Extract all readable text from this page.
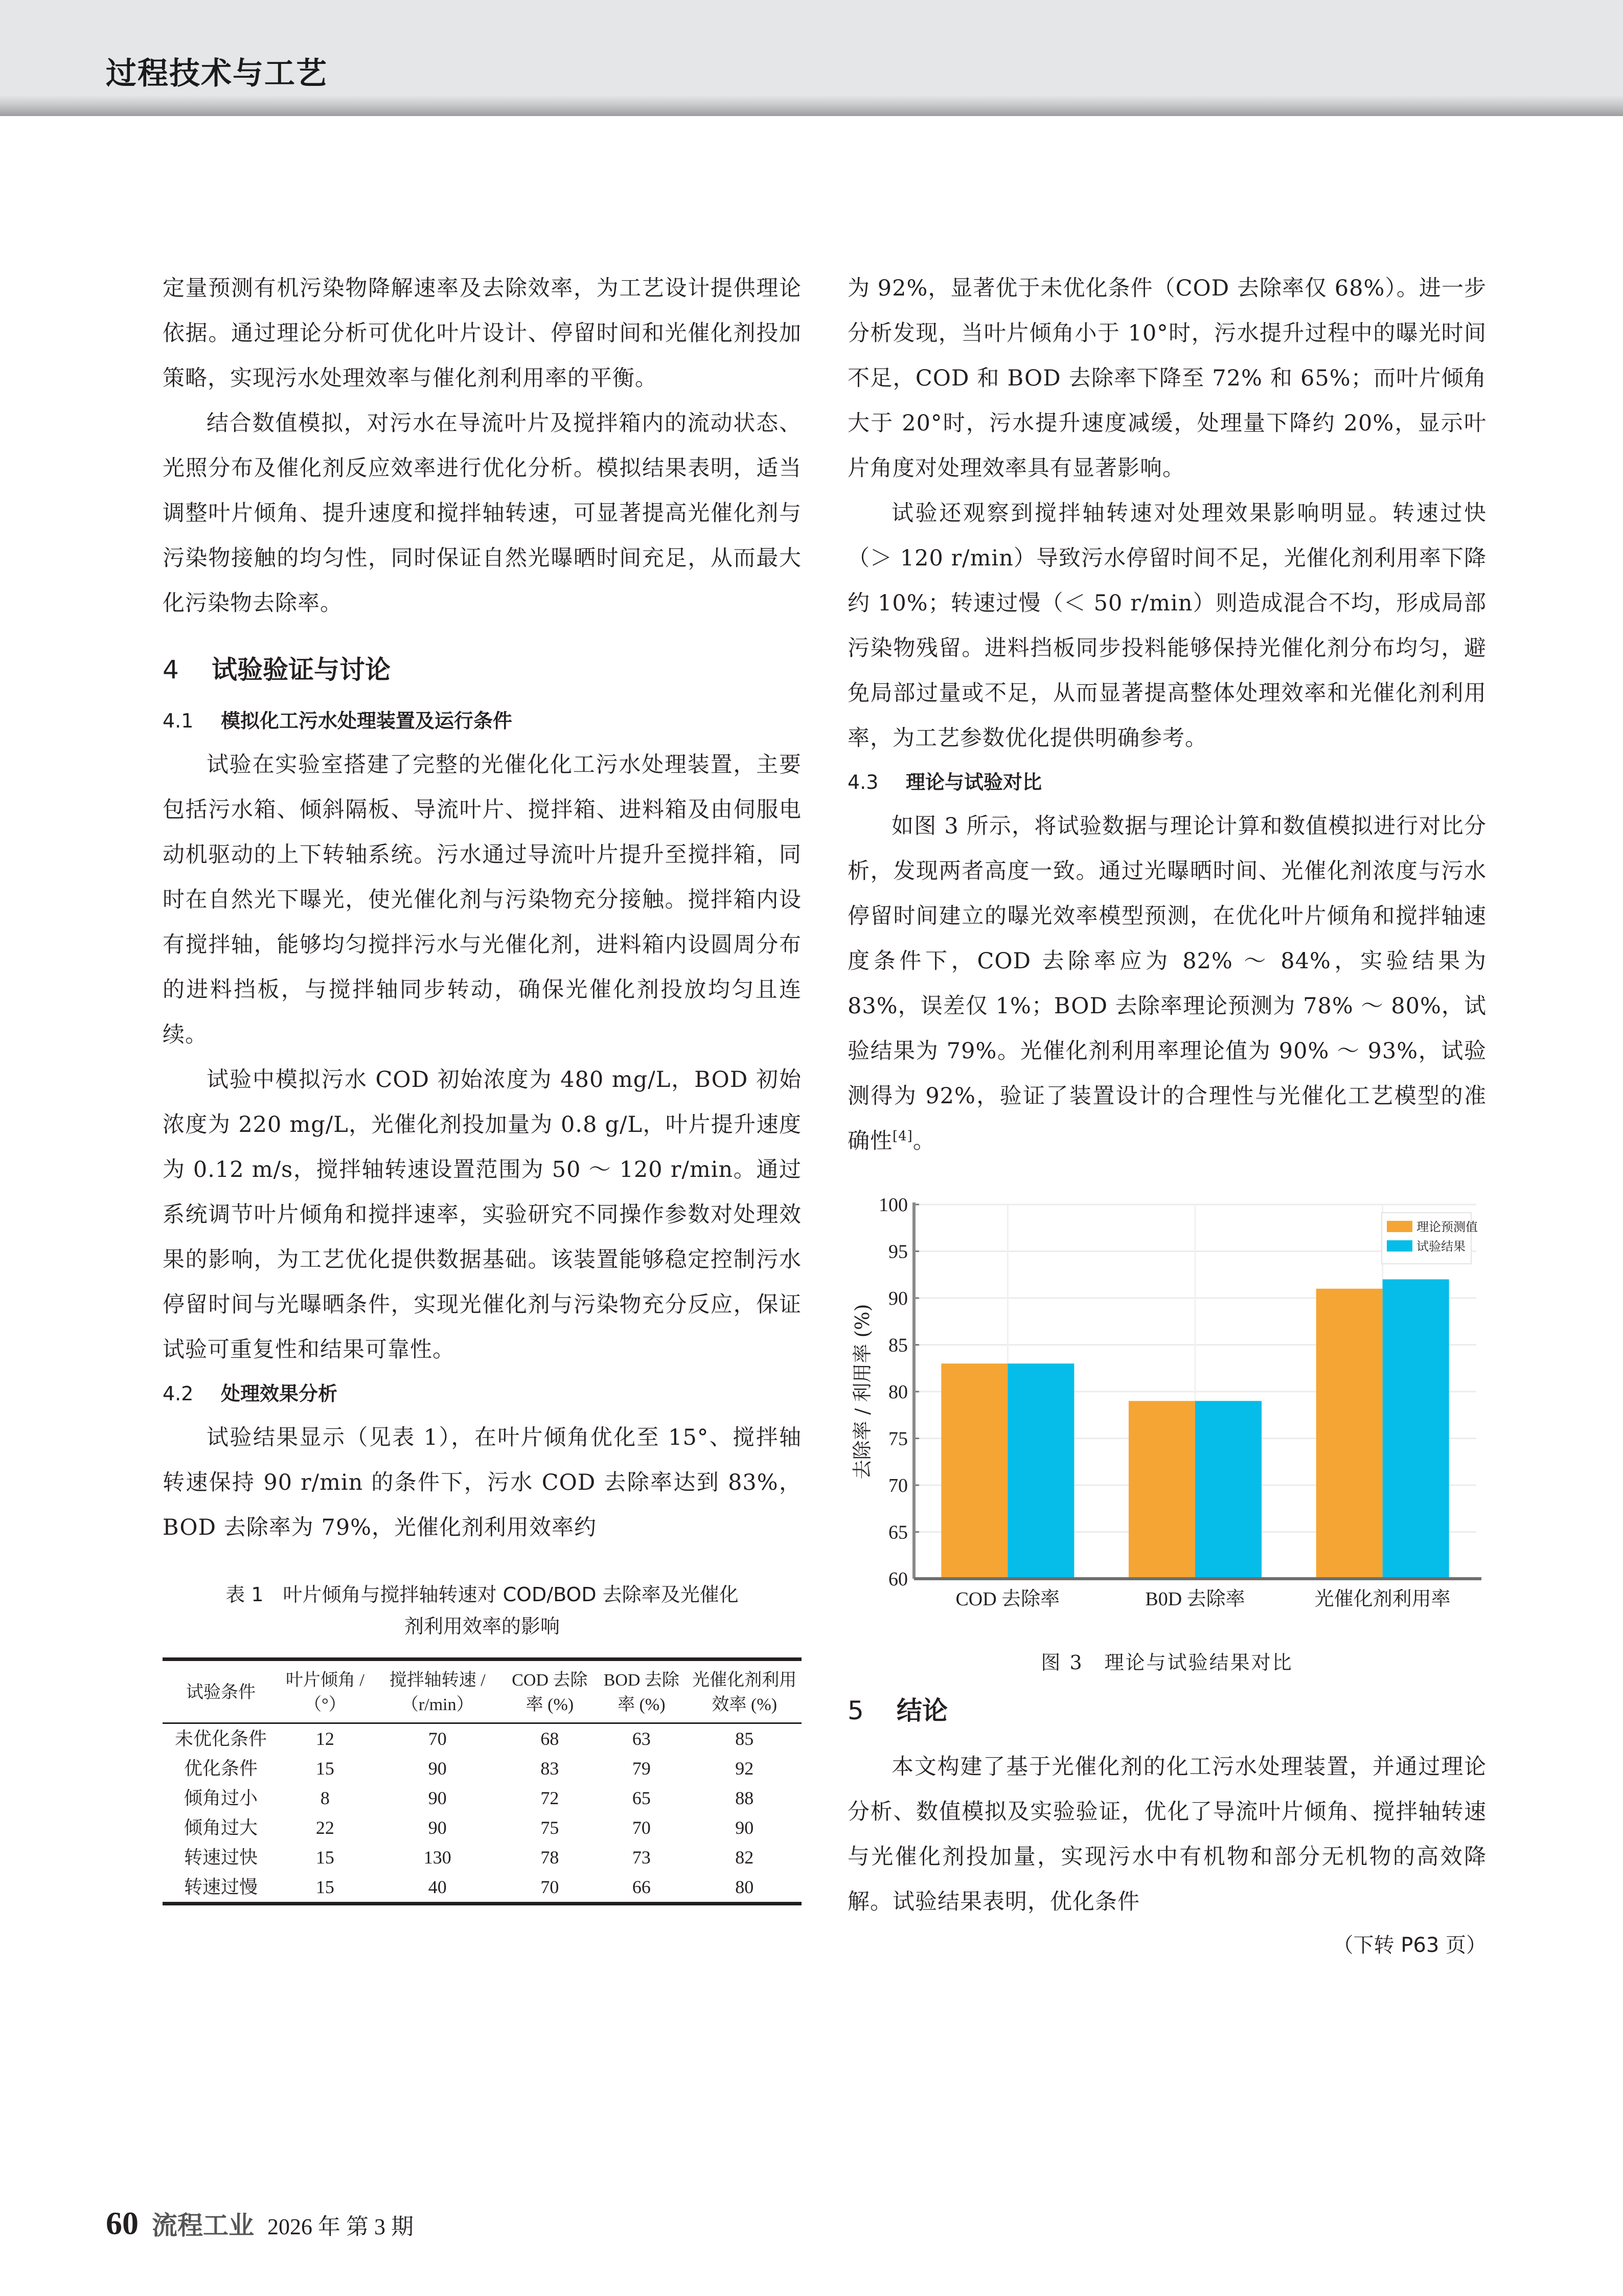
过程技术与工艺

定量预测有机污染物降解速率及去除效率，为工艺设计提供理论依据。通过理论分析可优化叶片设计、停留时间和光催化剂投加策略，实现污水处理效率与催化剂利用率的平衡。

结合数值模拟，对污水在导流叶片及搅拌箱内的流动状态、光照分布及催化剂反应效率进行优化分析。模拟结果表明，适当调整叶片倾角、提升速度和搅拌轴转速，可显著提高光催化剂与污染物接触的均匀性，同时保证自然光曝晒时间充足，从而最大化污染物去除率。

4 试验验证与讨论
4.1 模拟化工污水处理装置及运行条件

试验在实验室搭建了完整的光催化化工污水处理装置，主要包括污水箱、倾斜隔板、导流叶片、搅拌箱、进料箱及由伺服电动机驱动的上下转轴系统。污水通过导流叶片提升至搅拌箱，同时在自然光下曝光，使光催化剂与污染物充分接触。搅拌箱内设有搅拌轴，能够均匀搅拌污水与光催化剂，进料箱内设圆周分布的进料挡板，与搅拌轴同步转动，确保光催化剂投放均匀且连续。

试验中模拟污水 COD 初始浓度为 480 mg/L，BOD 初始浓度为 220 mg/L，光催化剂投加量为 0.8 g/L，叶片提升速度为 0.12 m/s，搅拌轴转速设置范围为 50 ～ 120 r/min。通过系统调节叶片倾角和搅拌速率，实验研究不同操作参数对处理效果的影响，为工艺优化提供数据基础。该装置能够稳定控制污水停留时间与光曝晒条件，实现光催化剂与污染物充分反应，保证试验可重复性和结果可靠性。

4.2 处理效果分析

试验结果显示（见表 1），在叶片倾角优化至 15°、搅拌轴转速保持 90 r/min 的条件下，污水 COD 去除率达到 83%，BOD 去除率为 79%，光催化剂利用效率约

表 1　叶片倾角与搅拌轴转速对 COD/BOD 去除率及光催化
剂利用效率的影响
试验条件	叶片倾角 /（°）	搅拌轴转速 /（r/min）	COD 去除率 (%)	BOD 去除率 (%)	光催化剂利用效率 (%)
未优化条件	12	70	68	63	85
优化条件	15	90	83	79	92
倾角过小	8	90	72	65	88
倾角过大	22	90	75	70	90
转速过快	15	130	78	73	82
转速过慢	15	40	70	66	80

为 92%，显著优于未优化条件（COD 去除率仅 68%）。进一步分析发现，当叶片倾角小于 10°时，污水提升过程中的曝光时间不足，COD 和 BOD 去除率下降至 72% 和 65%；而叶片倾角大于 20°时，污水提升速度减缓，处理量下降约 20%，显示叶片角度对处理效率具有显著影响。

试验还观察到搅拌轴转速对处理效果影响明显。转速过快（＞ 120 r/min）导致污水停留时间不足，光催化剂利用率下降约 10%；转速过慢（＜ 50 r/min）则造成混合不均，形成局部污染物残留。进料挡板同步投料能够保持光催化剂分布均匀，避免局部过量或不足，从而显著提高整体处理效率和光催化剂利用率，为工艺参数优化提供明确参考。

4.3 理论与试验对比

如图 3 所示，将试验数据与理论计算和数值模拟进行对比分析，发现两者高度一致。通过光曝晒时间、光催化剂浓度与污水停留时间建立的曝光效率模型预测，在优化叶片倾角和搅拌轴速度条件下，COD 去除率应为 82% ～ 84%，实验结果为 83%，误差仅 1%；BOD 去除率理论预测为 78% ～ 80%，试验结果为 79%。光催化剂利用率理论值为 90% ～ 93%，试验测得为 92%，验证了装置设计的合理性与光催化工艺模型的准确性[4]。

60
65
70
75
80
85
90
95
100
COD 去除率	B0D 去除率	光催化剂利用率
去除率 / 利用率 (%)
理论预测值
试验结果
图 3　理论与试验结果对比
5 结论

本文构建了基于光催化剂的化工污水处理装置，并通过理论分析、数值模拟及实验验证，优化了导流叶片倾角、搅拌轴转速与光催化剂投加量，实现污水中有机物和部分无机物的高效降解。试验结果表明，优化条件

（下转 P63 页）
60 流程工业 2026 年 第 3 期
